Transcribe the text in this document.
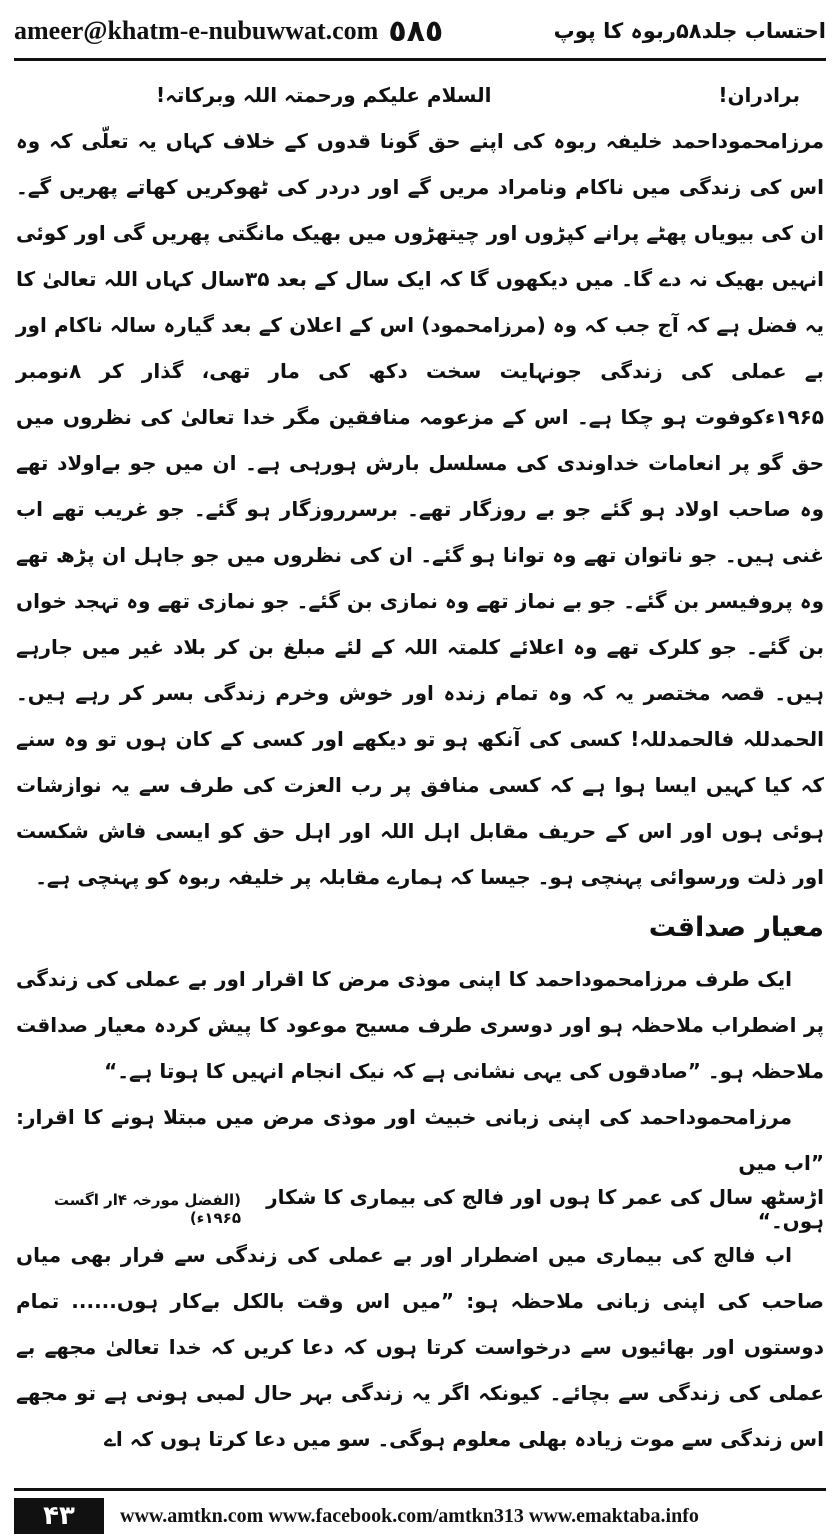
ameer@khatm-e-nubuwwat.com ٥٨٥	احتساب جلد۵۸ربوہ کا پوپ
برادران!
السلام علیکم ورحمتہ اللہ وبرکاتہ!

مرزامحموداحمد خلیفہ ربوہ کی اپنے حق گونا قدوں کے خلاف کہاں یہ تعلّی کہ وہ اس کی زندگی میں ناکام ونامراد مریں گے اور دردر کی ٹھوکریں کھاتے پھریں گے۔ ان کی بیویاں پھٹے پرانے کپڑوں اور چیتھڑوں میں بھیک مانگتی پھریں گی اور کوئی انہیں بھیک نہ دے گا۔ میں دیکھوں گا کہ ایک سال کے بعد ۳۵سال کہاں اللہ تعالیٰ کا یہ فضل ہے کہ آج جب کہ وہ (مرزامحمود) اس کے اعلان کے بعد گیارہ سالہ ناکام اور بے عملی کی زندگی جونہایت سخت دکھ کی مار تھی، گذار کر ۸نومبر ۱۹۶۵ءکوفوت ہو چکا ہے۔ اس کے مزعومہ منافقین مگر خدا تعالیٰ کی نظروں میں حق گو پر انعامات خداوندی کی مسلسل بارش ہورہی ہے۔ ان میں جو بےاولاد تھے وہ صاحب اولاد ہو گئے جو بے روزگار تھے۔ برسرروزگار ہو گئے۔ جو غریب تھے اب غنی ہیں۔ جو ناتوان تھے وہ توانا ہو گئے۔ ان کی نظروں میں جو جاہل ان پڑھ تھے وہ پروفیسر بن گئے۔ جو بے نماز تھے وہ نمازی بن گئے۔ جو نمازی تھے وہ تہجد خواں بن گئے۔ جو کلرک تھے وہ اعلائے کلمتہ اللہ کے لئے مبلغ بن کر بلاد غیر میں جارہے ہیں۔ قصہ مختصر یہ کہ وہ تمام زندہ اور خوش وخرم زندگی بسر کر رہے ہیں۔ الحمدللہ فالحمدللہ! کسی کی آنکھ ہو تو دیکھے اور کسی کے کان ہوں تو وہ سنے کہ کیا کہیں ایسا ہوا ہے کہ کسی منافق پر رب العزت کی طرف سے یہ نوازشات ہوئی ہوں اور اس کے حریف مقابل اہل اللہ اور اہل حق کو ایسی فاش شکست اور ذلت ورسوائی پہنچی ہو۔ جیسا کہ ہمارے مقابلہ پر خلیفہ ربوہ کو پہنچی ہے۔

معیار صداقت

ایک طرف مرزامحموداحمد کا اپنی موذی مرض کا اقرار اور بے عملی کی زندگی پر اضطراب ملاحظہ ہو اور دوسری طرف مسیح موعود کا پیش کردہ معیار صداقت ملاحظہ ہو۔ ”صادقوں کی یہی نشانی ہے کہ نیک انجام انہیں کا ہوتا ہے۔“

مرزامحموداحمد کی اپنی زبانی خبیث اور موذی مرض میں مبتلا ہونے کا اقرار: ”اب میں

اڑسٹھ سال کی عمر کا ہوں اور فالج کی بیماری کا شکار ہوں۔“
(الفضل مورخہ ۴ار اگست ۱۹۶۵ء)

اب فالج کی بیماری میں اضطرار اور بے عملی کی زندگی سے فرار بھی میاں صاحب کی اپنی زبانی ملاحظہ ہو: ”میں اس وقت بالکل بےکار ہوں...... تمام دوستوں اور بھائیوں سے درخواست کرتا ہوں کہ دعا کریں کہ خدا تعالیٰ مجھے بے عملی کی زندگی سے بچائے۔ کیونکہ اگر یہ زندگی بہر حال لمبی ہونی ہے تو مجھے اس زندگی سے موت زیادہ بھلی معلوم ہوگی۔ سو میں دعا کرتا ہوں کہ اے

۴۳	www.amtkn.com www.facebook.com/amtkn313 www.emaktaba.info
